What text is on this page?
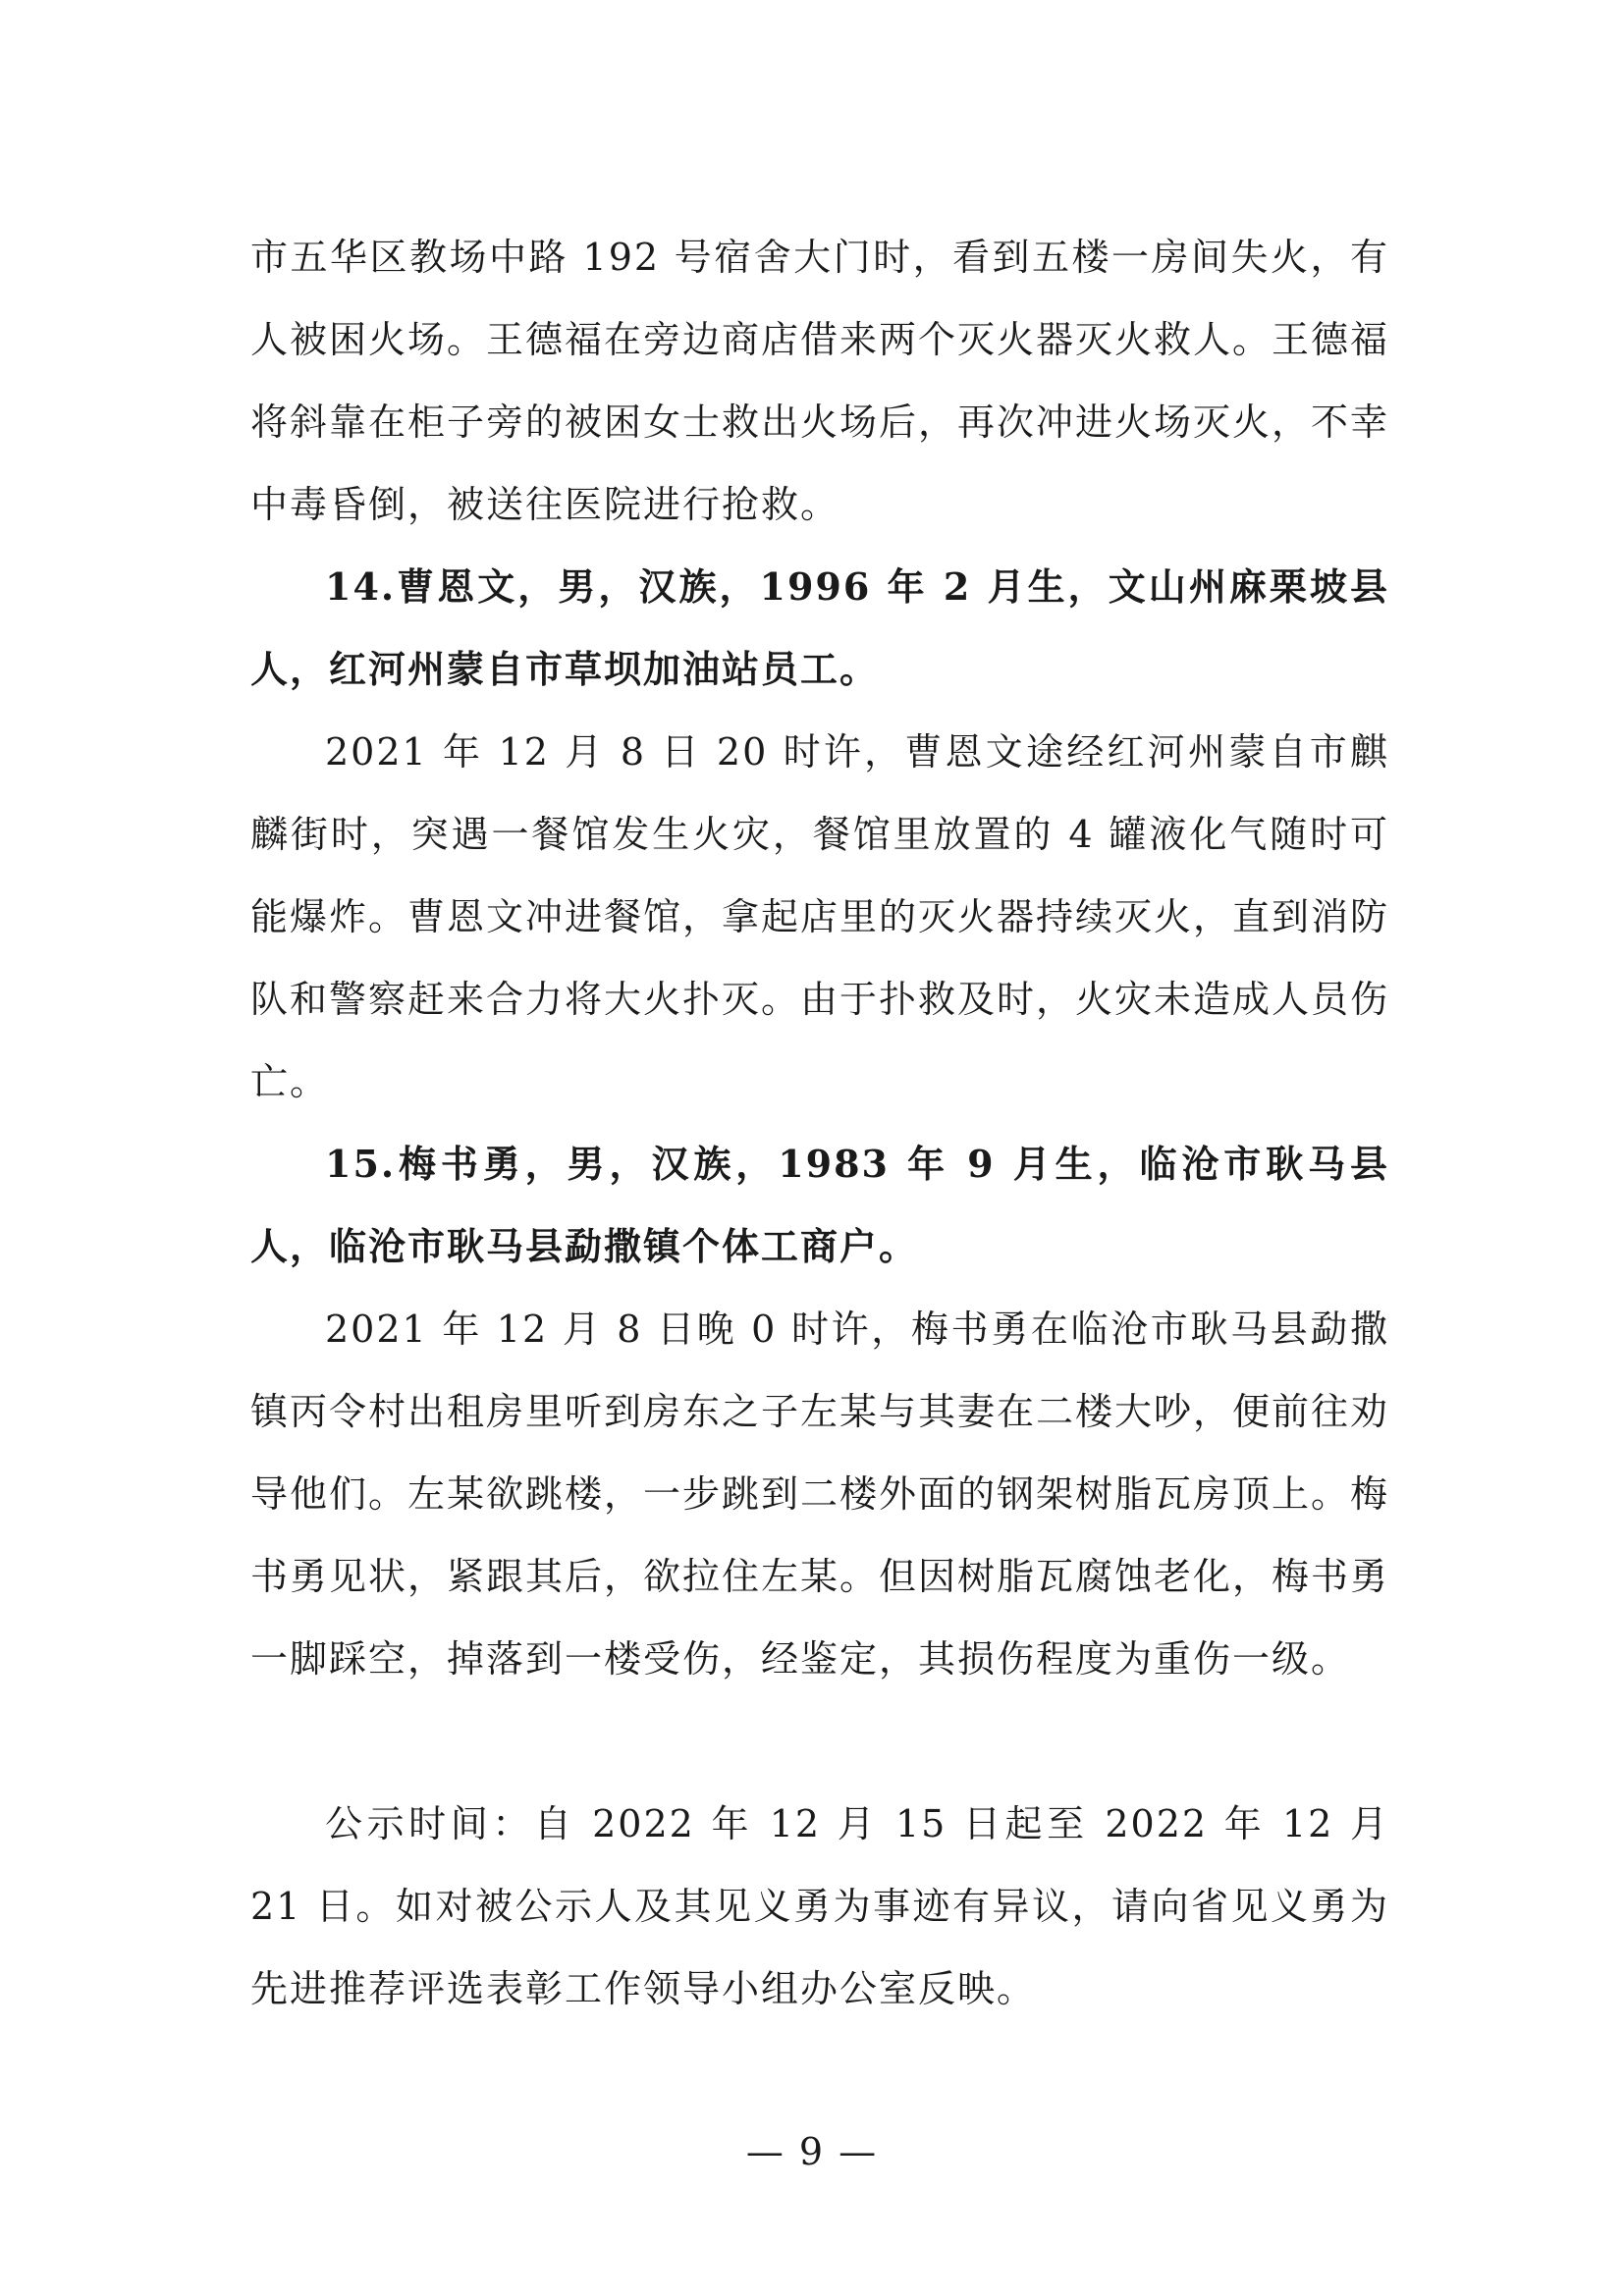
市五华区教场中路 192 号宿舍大门时，看到五楼一房间失火，有人被困火场。王德福在旁边商店借来两个灭火器灭火救人。王德福将斜靠在柜子旁的被困女士救出火场后，再次冲进火场灭火，不幸中毒昏倒，被送往医院进行抢救。

14.曹恩文，男，汉族，1996 年 2 月生，文山州麻栗坡县人，红河州蒙自市草坝加油站员工。

2021 年 12 月 8 日 20 时许，曹恩文途经红河州蒙自市麒麟街时，突遇一餐馆发生火灾，餐馆里放置的 4 罐液化气随时可能爆炸。曹恩文冲进餐馆，拿起店里的灭火器持续灭火，直到消防队和警察赶来合力将大火扑灭。由于扑救及时，火灾未造成人员伤亡。

15.梅书勇，男，汉族，1983 年 9 月生，临沧市耿马县人，临沧市耿马县勐撒镇个体工商户。

2021 年 12 月 8 日晚 0 时许，梅书勇在临沧市耿马县勐撒镇丙令村出租房里听到房东之子左某与其妻在二楼大吵，便前往劝导他们。左某欲跳楼，一步跳到二楼外面的钢架树脂瓦房顶上。梅书勇见状，紧跟其后，欲拉住左某。但因树脂瓦腐蚀老化，梅书勇一脚踩空，掉落到一楼受伤，经鉴定，其损伤程度为重伤一级。

公示时间：自 2022 年 12 月 15 日起至 2022 年 12 月 21 日。如对被公示人及其见义勇为事迹有异议，请向省见义勇为先进推荐评选表彰工作领导小组办公室反映。

— 9 —
